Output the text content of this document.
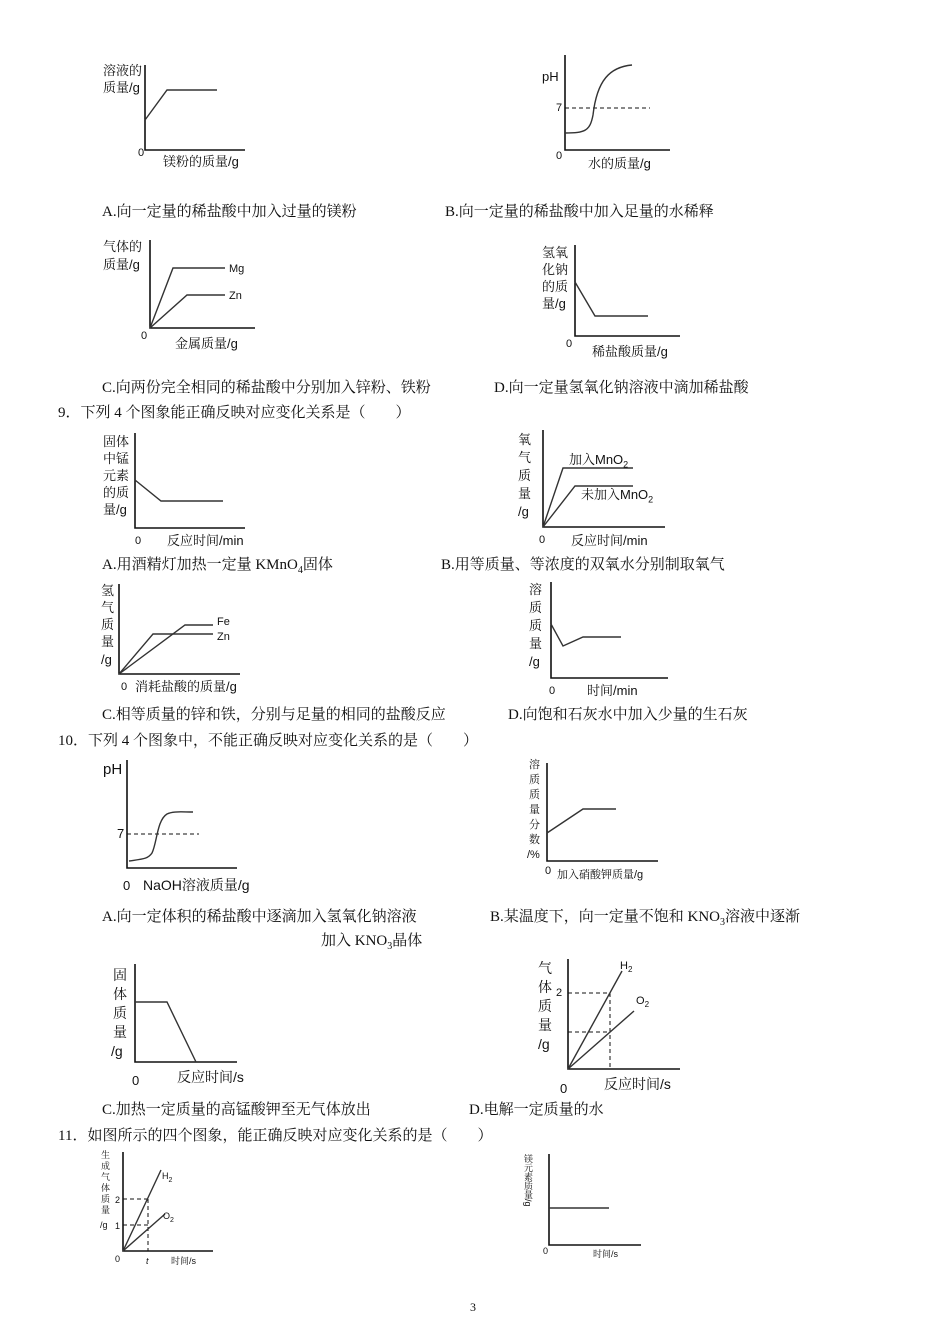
溶液的
质量/g
0
镁粉的质量/g
A.向一定量的稀盐酸中加入过量的镁粉
pH
7
0 水的质量/g
B.向一定量的稀盐酸中加入足量的水稀释
气体的
质量/g	Mg
Zn
0 金属质量/g
C.向两份完全相同的稀盐酸中分别加入锌粉、铁粉
氢氧
化钠
的质
量/g
0 稀盐酸质量/g
D.向一定量氢氧化钠溶液中滴加稀盐酸
9．下列 4 个图象能正确反映对应变化关系是（　　）
固体
中锰
元素
的质
量/g
0 反应时间/min
A.用酒精灯加热一定量 KMnO$_4$固体
氧
气
质
量
/g
加入MnO$_2$
未加入MnO$_2$
0 反应时间/min
B.用等质量、等浓度的双氧水分别制取氧气
氢
气
质
量
/g
Fe
Zn
0 消耗盐酸的质量/g
C.相等质量的锌和铁，分别与足量的相同的盐酸反应
溶
质
质
量
/g
0 时间/min
D.向饱和石灰水中加入少量的生石灰
10．下列 4 个图象中，不能正确反映对应变化关系的是（　　）
pH
7
0 NaOH溶液质量/g
A.向一定体积的稀盐酸中逐滴加入氢氧化钠溶液
溶
质
质
量
分
数
/%
0 加入硝酸钾质量/g
B.某温度下，向一定量不饱和 $KNO_3$溶液中逐渐
加入 $KNO_3$晶体
固
体
质
量
/g
0	反应时间/s
C.加热一定质量的高锰酸钾至无气体放出
气
体
质
量
/g
2
$H_2$
$O_2$
0	反应时间/s
D.电解一定质量的水
11．如图所示的四个图象，能正确反映对应变化关系的是（　　）
生
成
气
体
质
量
/g
2
1
$H_2$
$O_2$
0	t 时间/s
镁元素质量/g
0	时间/s
3
